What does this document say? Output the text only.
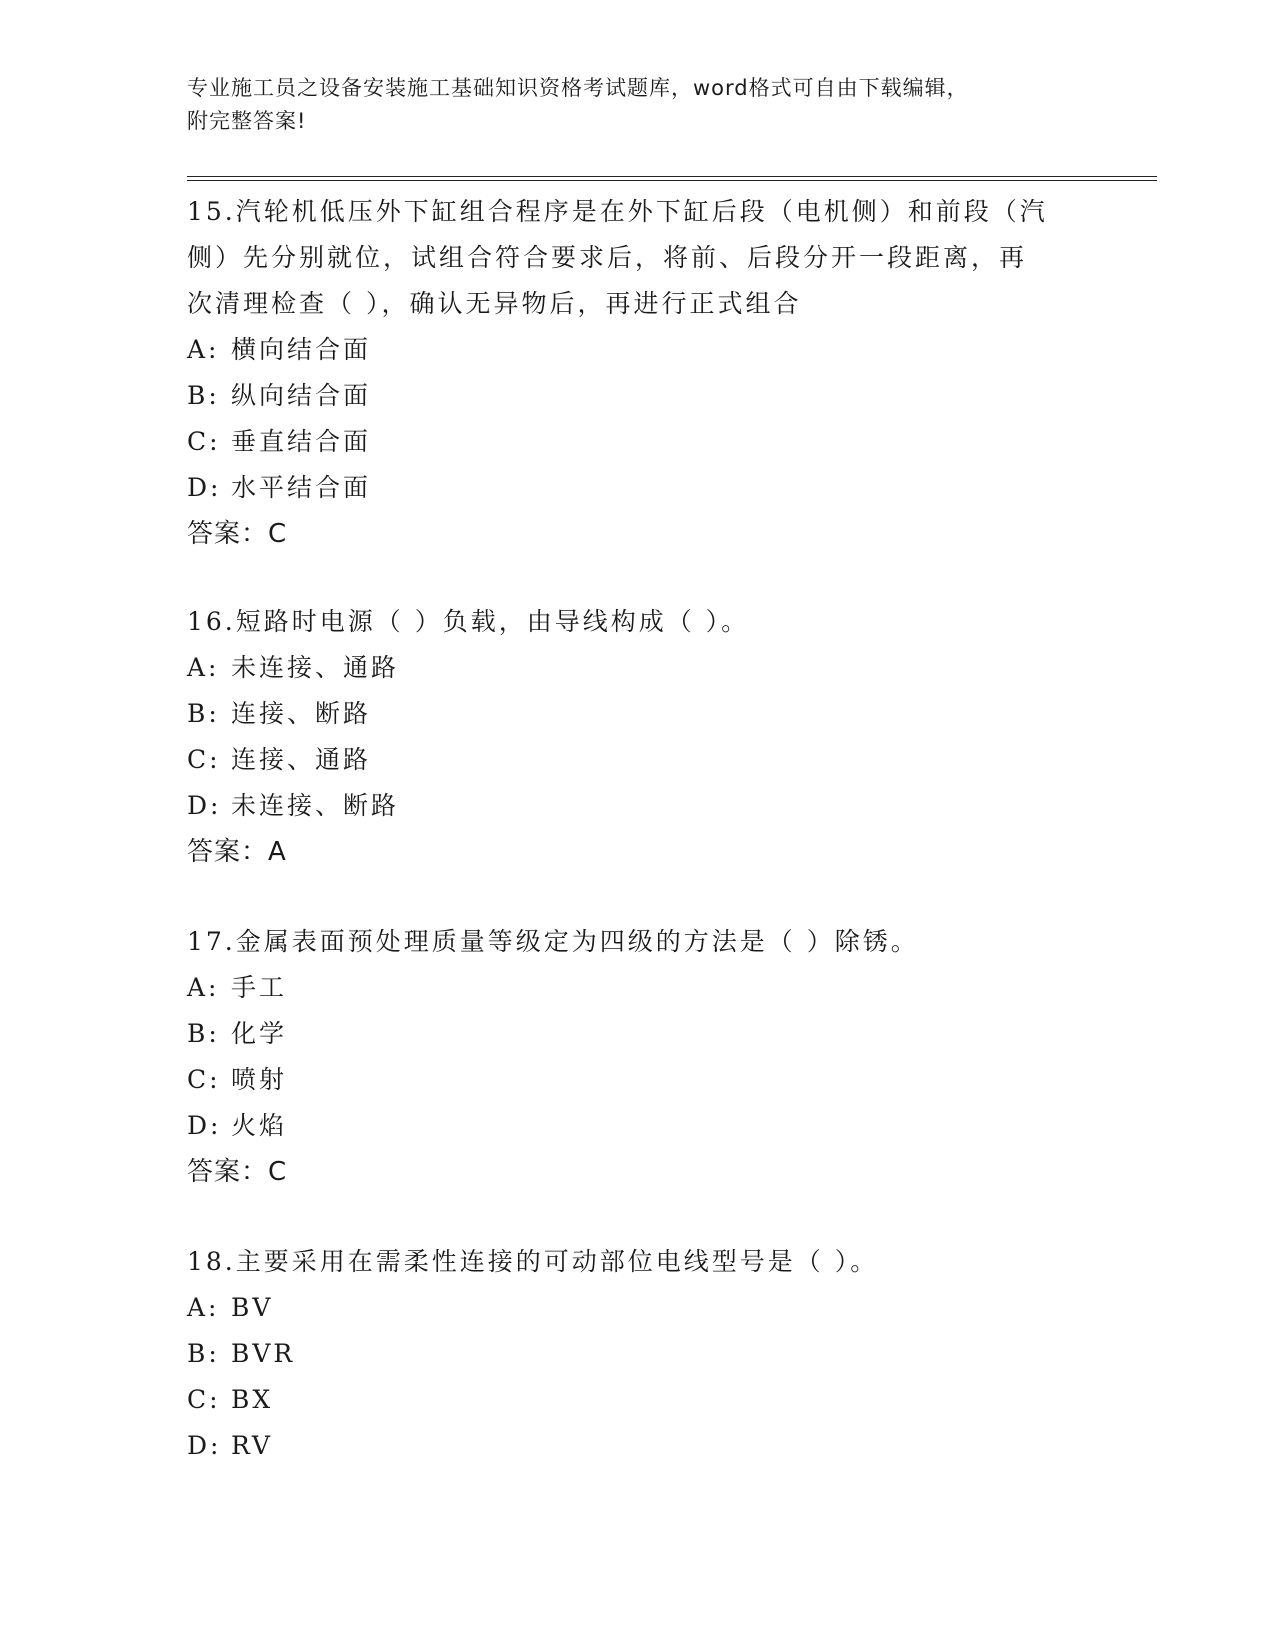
专业施工员之设备安装施工基础知识资格考试题库，word格式可自由下载编辑，
附完整答案!
15.汽轮机低压外下缸组合程序是在外下缸后段（电机侧）和前段（汽
侧）先分别就位，试组合符合要求后，将前、后段分开一段距离，再
次清理检查（ ），确认无异物后，再进行正式组合
A: 横向结合面
B: 纵向结合面
C: 垂直结合面
D: 水平结合面
答案：C
16.短路时电源（ ）负载，由导线构成（ ）。
A: 未连接、通路
B: 连接、断路
C: 连接、通路
D: 未连接、断路
答案：A
17.金属表面预处理质量等级定为四级的方法是（ ）除锈。
A: 手工
B: 化学
C: 喷射
D: 火焰
答案：C
18.主要采用在需柔性连接的可动部位电线型号是（ ）。
A: BV
B: BVR
C: BX
D: RV
